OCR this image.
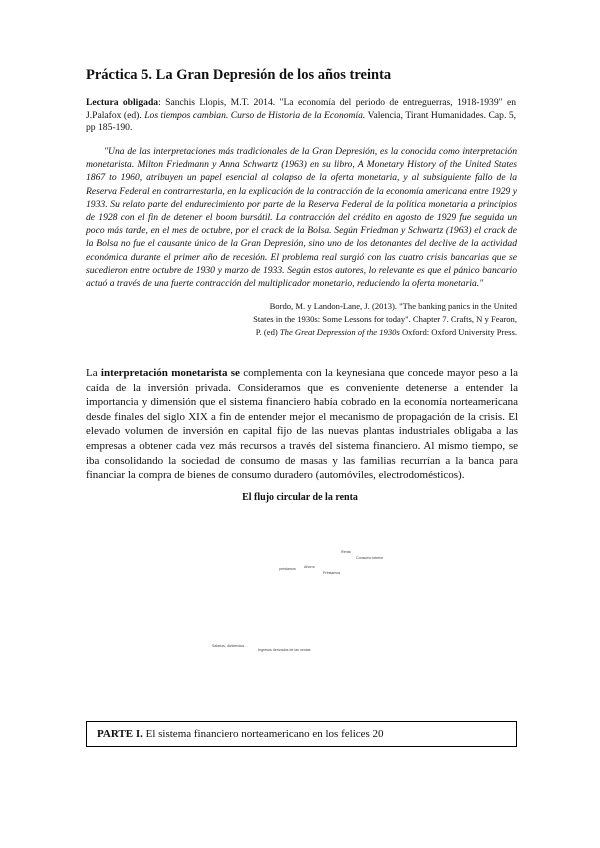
Práctica 5. La Gran Depresión de los años treinta
Lectura obligada: Sanchis Llopis, M.T. 2014. "La economía del periodo de entreguerras, 1918-1939" en J.Palafox (ed). Los tiempos cambian. Curso de Historia de la Economía. Valencia, Tirant Humanidades. Cap. 5, pp 185-190.
"Una de las interpretaciones más tradicionales de la Gran Depresión, es la conocida como interpretación monetarista. Milton Friedmann y Anna Schwartz (1963) en su libro, A Monetary History of the United States 1867 to 1960, atribuyen un papel esencial al colapso de la oferta monetaria, y al subsiguiente fallo de la Reserva Federal en contrarrestarla, en la explicación de la contracción de la economía americana entre 1929 y 1933. Su relato parte del endurecimiento por parte de la Reserva Federal de la política monetaria a principios de 1928 con el fin de detener el boom bursátil. La contracción del crédito en agosto de 1929 fue seguida un poco más tarde, en el mes de octubre, por el crack de la Bolsa. Según Friedman y Schwartz (1963) el crack de la Bolsa no fue el causante único de la Gran Depresión, sino uno de los detonantes del declive de la actividad económica durante el primer año de recesión. El problema real surgió con las cuatro crisis bancarias que se sucedieron entre octubre de 1930 y marzo de 1933. Según estos autores, lo relevante es que el pánico bancario actuó a través de una fuerte contracción del multiplicador monetario, reduciendo la oferta monetaria."
Bordo, M. y Landon-Lane, J. (2013). "The banking panics in the United States in the 1930s: Some Lessons for today". Chapter 7. Crafts, N y Fearon, P. (ed) The Great Depression of the 1930s Oxford: Oxford University Press.
La interpretación monetarista se complementa con la keynesiana que concede mayor peso a la caída de la inversión privada. Consideramos que es conveniente detenerse a entender la importancia y dimensión que el sistema financiero había cobrado en la economía norteamericana desde finales del siglo XIX a fin de entender mejor el mecanismo de propagación de la crisis. El elevado volumen de inversión en capital fijo de las nuevas plantas industriales obligaba a las empresas a obtener cada vez más recursos a través del sistema financiero. Al mismo tiempo, se iba consolidando la sociedad de consumo de masas y las familias recurrían a la banca para financiar la compra de bienes de consumo duradero (automóviles, electrodomésticos).
El flujo circular de la renta
Renta
Consumo interior
préstamos Ahorro
Préstamos
Salarios, dividendos…
Ingresos derivados de las ventas
PARTE I. El sistema financiero norteamericano en los felices 20
